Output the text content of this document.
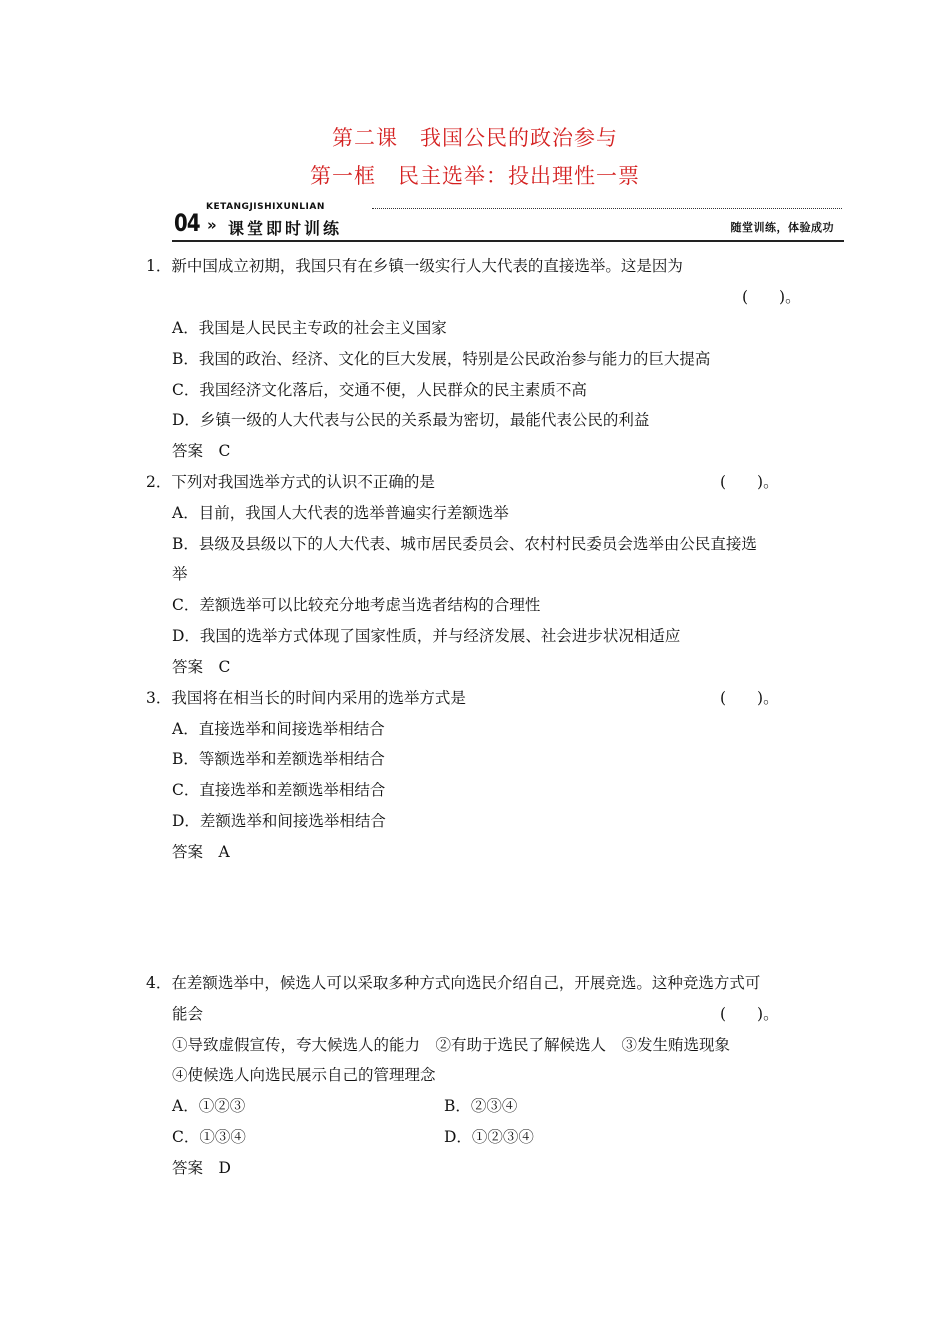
第二课　我国公民的政治参与
第一框　民主选举：投出理性一票
04 »
KETANGJISHIXUNLIAN
课堂即时训练	随堂训练，体验成功
1．新中国成立初期，我国只有在乡镇一级实行人大代表的直接选举。这是因为
(　　)。
A．我国是人民民主专政的社会主义国家
B．我国的政治、经济、文化的巨大发展，特别是公民政治参与能力的巨大提高
C．我国经济文化落后，交通不便，人民群众的民主素质不高
D．乡镇一级的人大代表与公民的关系最为密切，最能代表公民的利益
答案　C
2．下列对我国选举方式的认识不正确的是	(　　)。
A．目前，我国人大代表的选举普遍实行差额选举
B．县级及县级以下的人大代表、城市居民委员会、农村村民委员会选举由公民直接选
举
C．差额选举可以比较充分地考虑当选者结构的合理性
D．我国的选举方式体现了国家性质，并与经济发展、社会进步状况相适应
答案　C
3．我国将在相当长的时间内采用的选举方式是	(　　)。
A．直接选举和间接选举相结合
B．等额选举和差额选举相结合
C．直接选举和差额选举相结合
D．差额选举和间接选举相结合
答案　A
4．在差额选举中，候选人可以采取多种方式向选民介绍自己，开展竞选。这种竞选方式可
能会	(　　)。
①导致虚假宣传，夸大候选人的能力　②有助于选民了解候选人　③发生贿选现象
④使候选人向选民展示自己的管理理念
A．①②③	B．②③④
C．①③④	D．①②③④
答案　D
